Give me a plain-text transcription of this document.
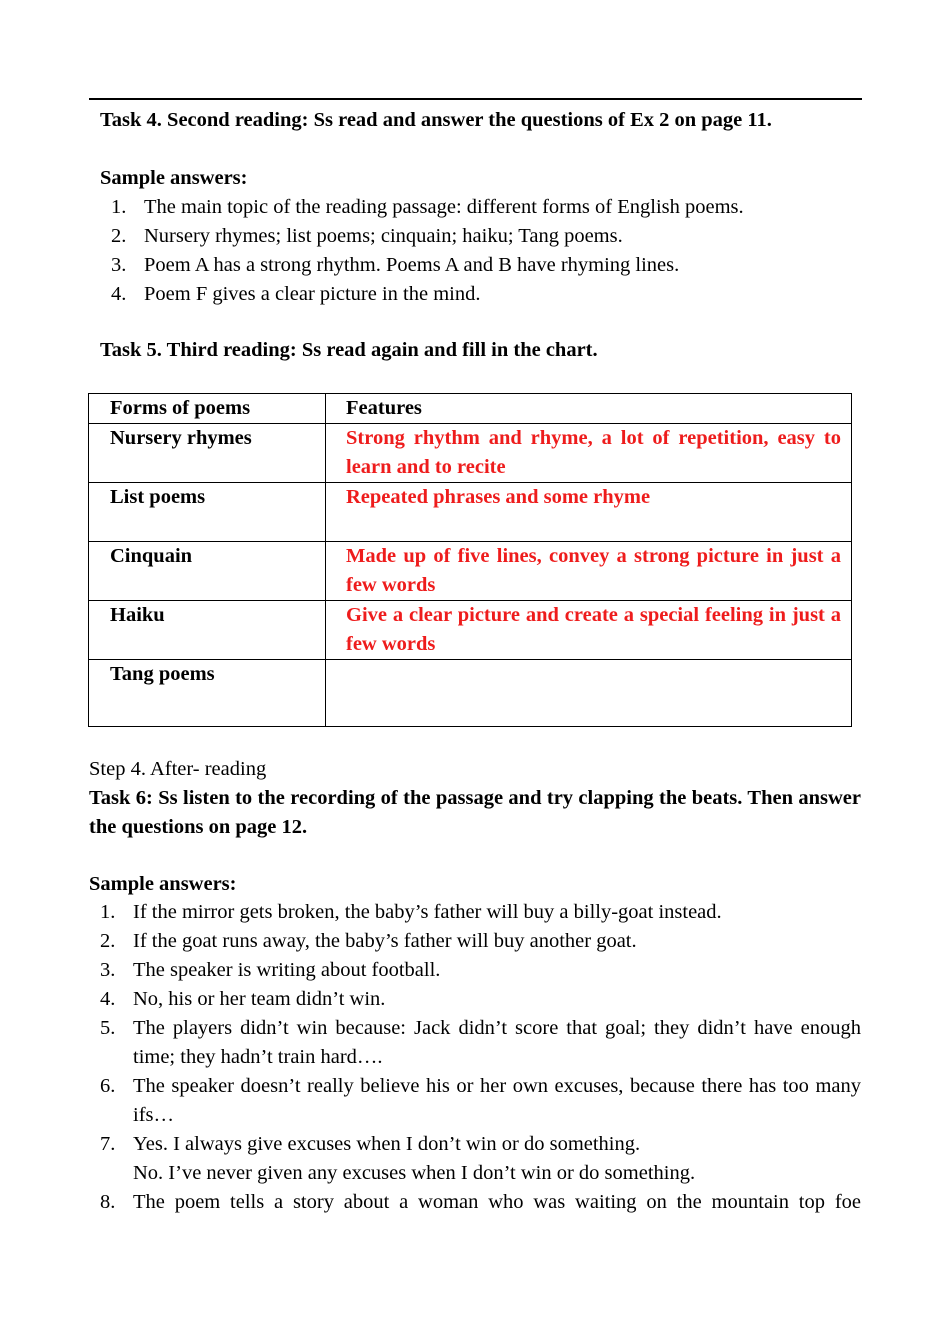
Task 4. Second reading: Ss read and answer the questions of Ex 2 on page 11.
Sample answers:
1. The main topic of the reading passage: different forms of English poems.
2. Nursery rhymes; list poems; cinquain; haiku; Tang poems.
3. Poem A has a strong rhythm. Poems A and B have rhyming lines.
4. Poem F gives a clear picture in the mind.
Task 5. Third reading: Ss read again and fill in the chart.
Forms of poems	Features
Nursery rhymes	Strong rhythm and rhyme, a lot of repetition, easy to learn and to recite
List poems	Repeated phrases and some rhyme
Cinquain	Made up of five lines, convey a strong picture in just a few words
Haiku	Give a clear picture and create a special feeling in just a few words
Tang poems	
Step 4. After- reading
Task 6: Ss listen to the recording of the passage and try clapping the beats. Then answer the questions on page 12.
Sample answers:
1. If the mirror gets broken, the baby’s father will buy a billy-goat instead.
2. If the goat runs away, the baby’s father will buy another goat.
3. The speaker is writing about football.
4. No, his or her team didn’t win.
5. The players didn’t win because: Jack didn’t score that goal; they didn’t have enough time; they hadn’t train hard….
6. The speaker doesn’t really believe his or her own excuses, because there has too many ifs…
7. Yes. I always give excuses when I don’t win or do something.
No. I’ve never given any excuses when I don’t win or do something.
8. The poem tells a story about a woman who was waiting on the mountain top foe
